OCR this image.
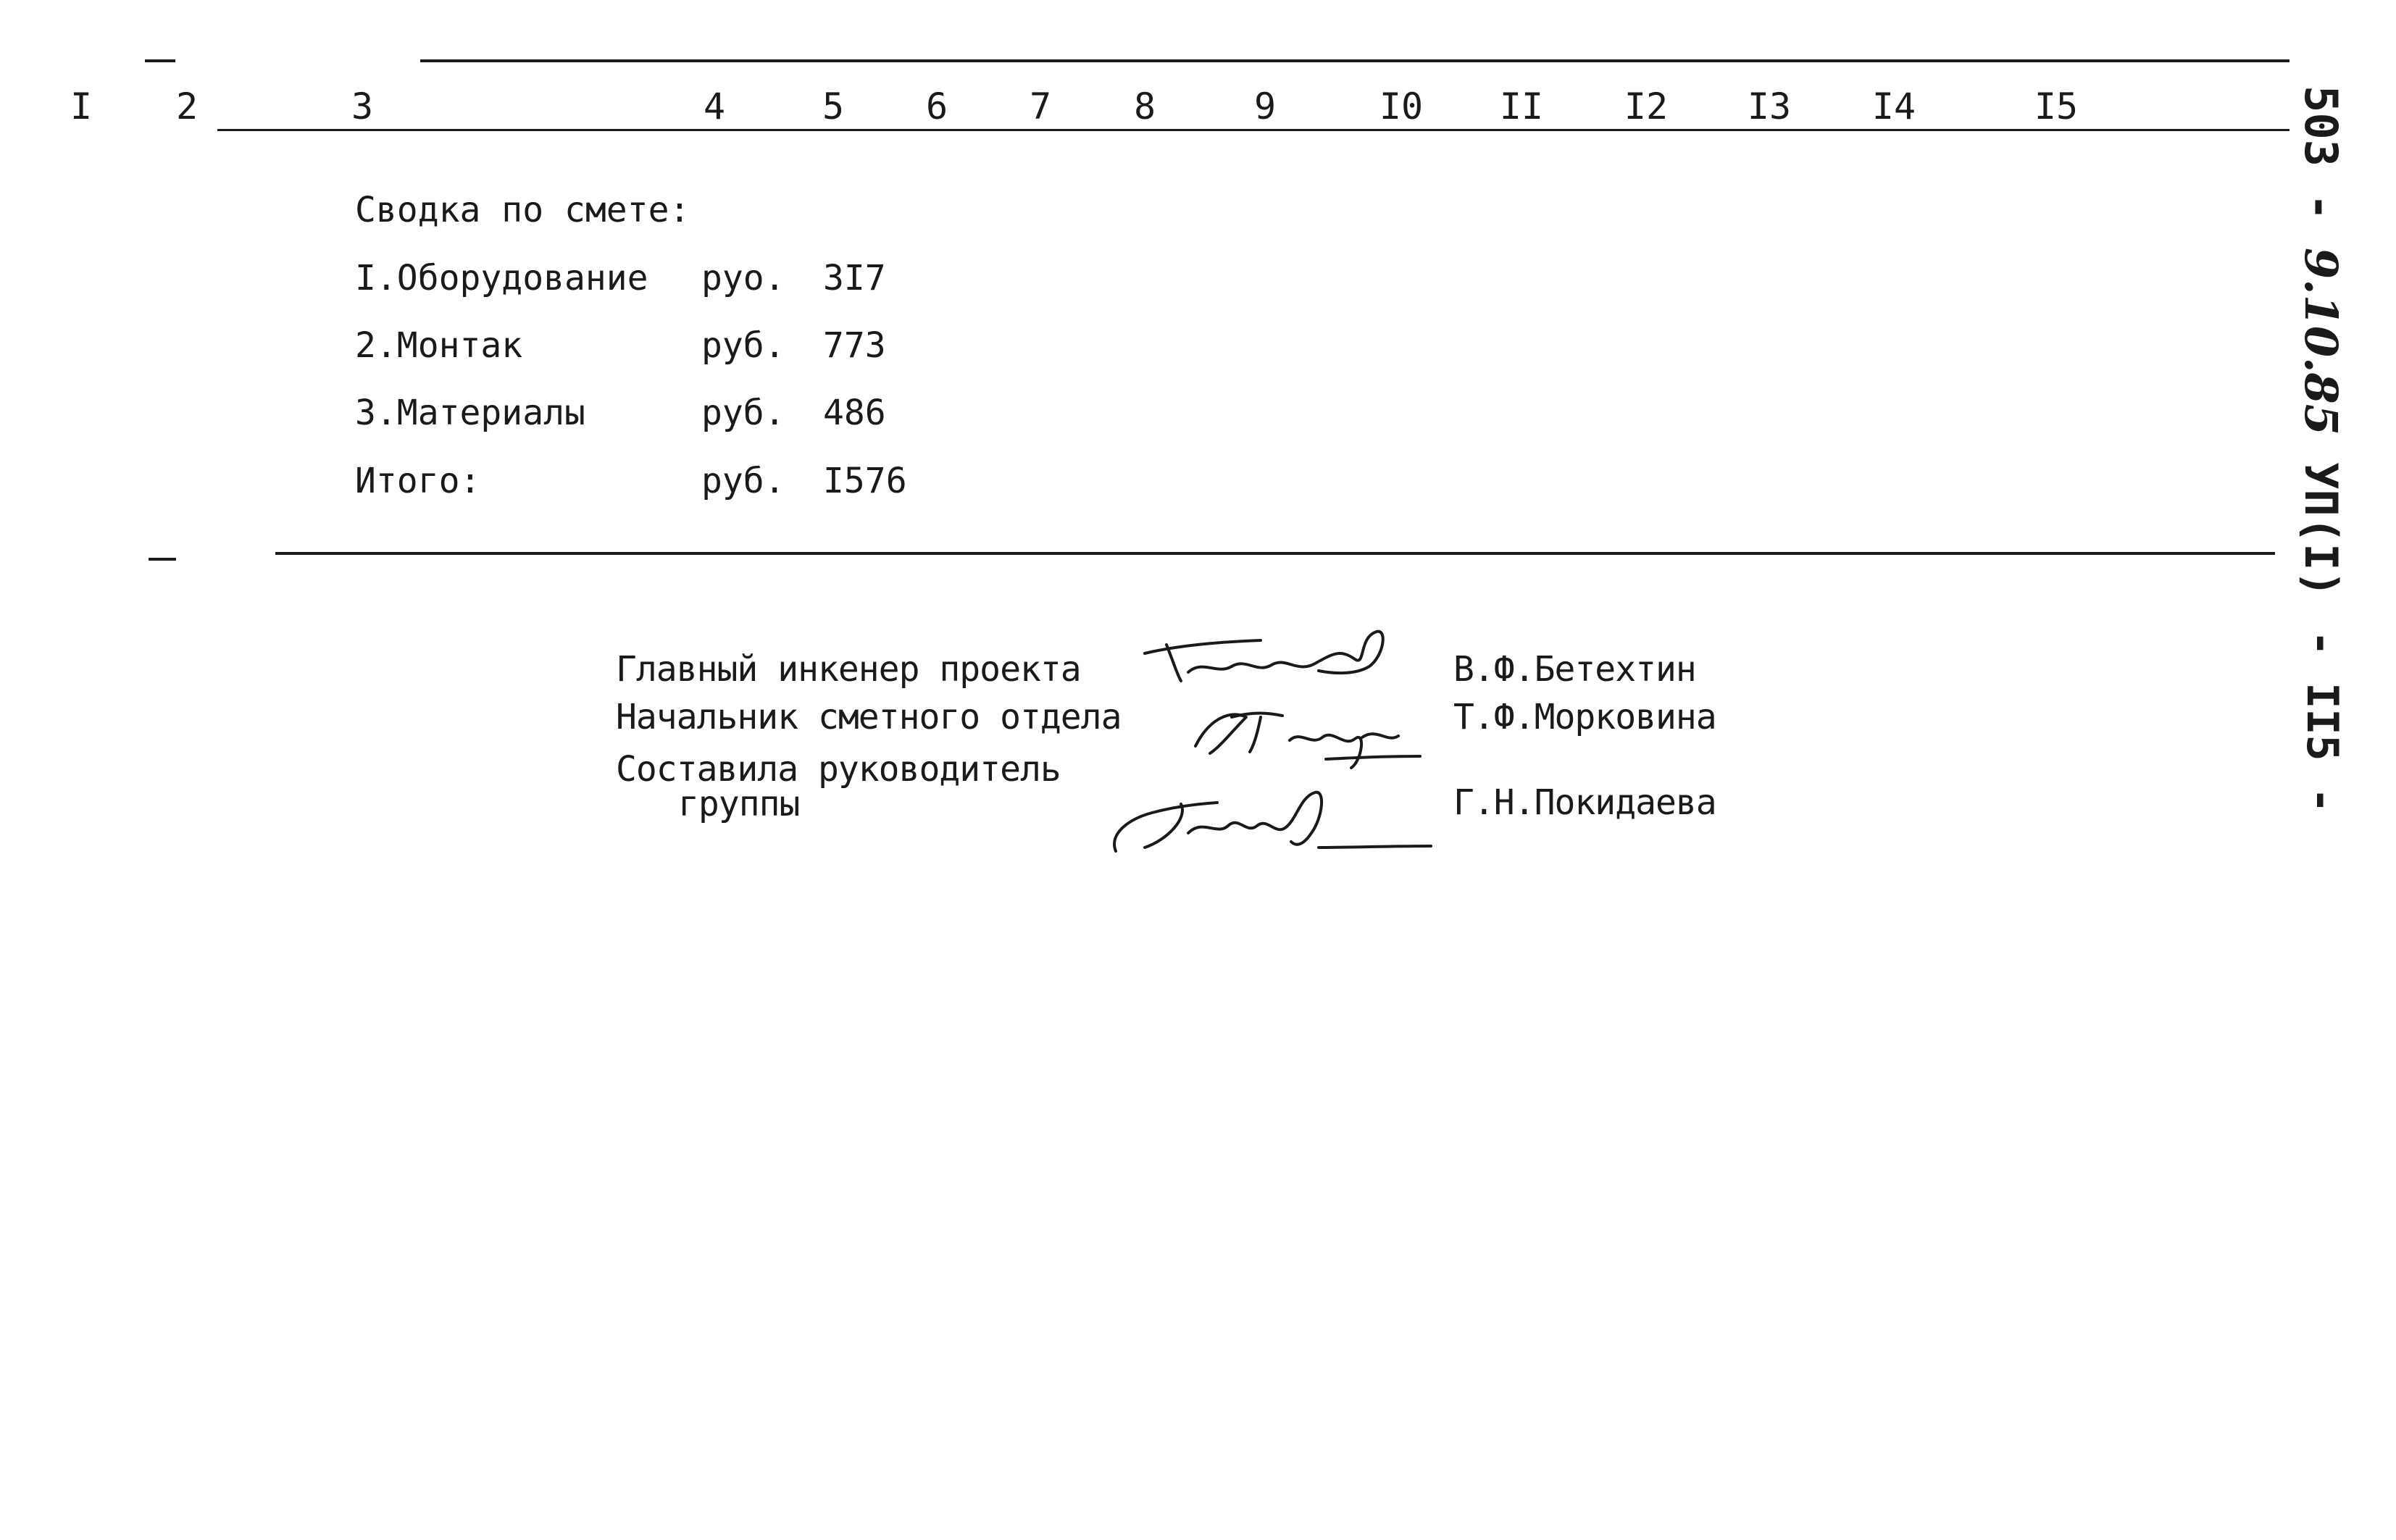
I 2	3	4	5 6 7 8	9	I0 II I2 I3 I4	I5
Сводка по смете:
I.Оборудование руо. 3I7
2.Монтак	руб. 773
3.Материалы	руб. 486
Итого:	руб. I576
Главный инкенер проекта	В.Ф.Бетехтин
Начальник сметного отдела	Т.Ф.Морковина
Составила руководитель
группы	Г.Н.Покидаева
503 - 9.10.85 УП(I)
- II5 -
